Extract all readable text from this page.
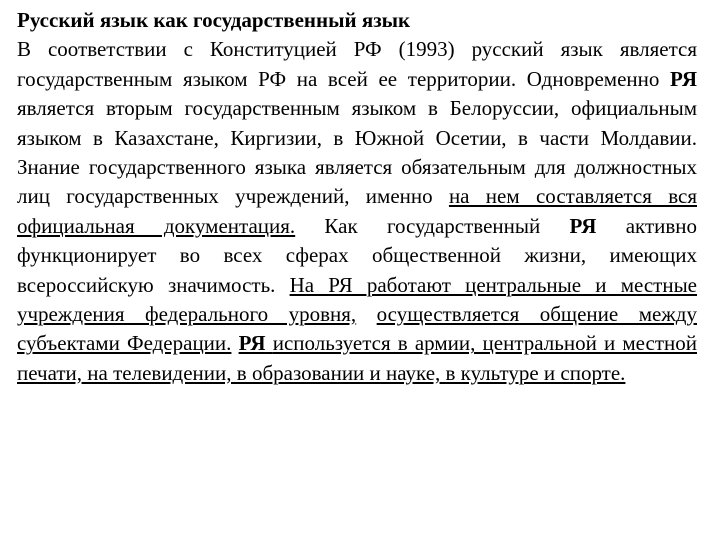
Русский язык как государственный язык

В соответствии с Конституцией РФ (1993) русский язык является государственным языком РФ на всей ее территории. Одновременно РЯ является вторым государственным языком в Белоруссии, официальным языком в Казахстане, Киргизии, в Южной Осетии, в части Молдавии. Знание государственного языка является обязательным для должностных лиц государственных учреждений, именно на нем составляется вся официальная документация. Как государственный РЯ активно функционирует во всех сферах общественной жизни, имеющих всероссийскую значимость. На РЯ работают центральные и местные учреждения федерального уровня, осуществляется общение между субъектами Федерации. РЯ используется в армии, центральной и местной печати, на телевидении, в образовании и науке, в культуре и спорте.
